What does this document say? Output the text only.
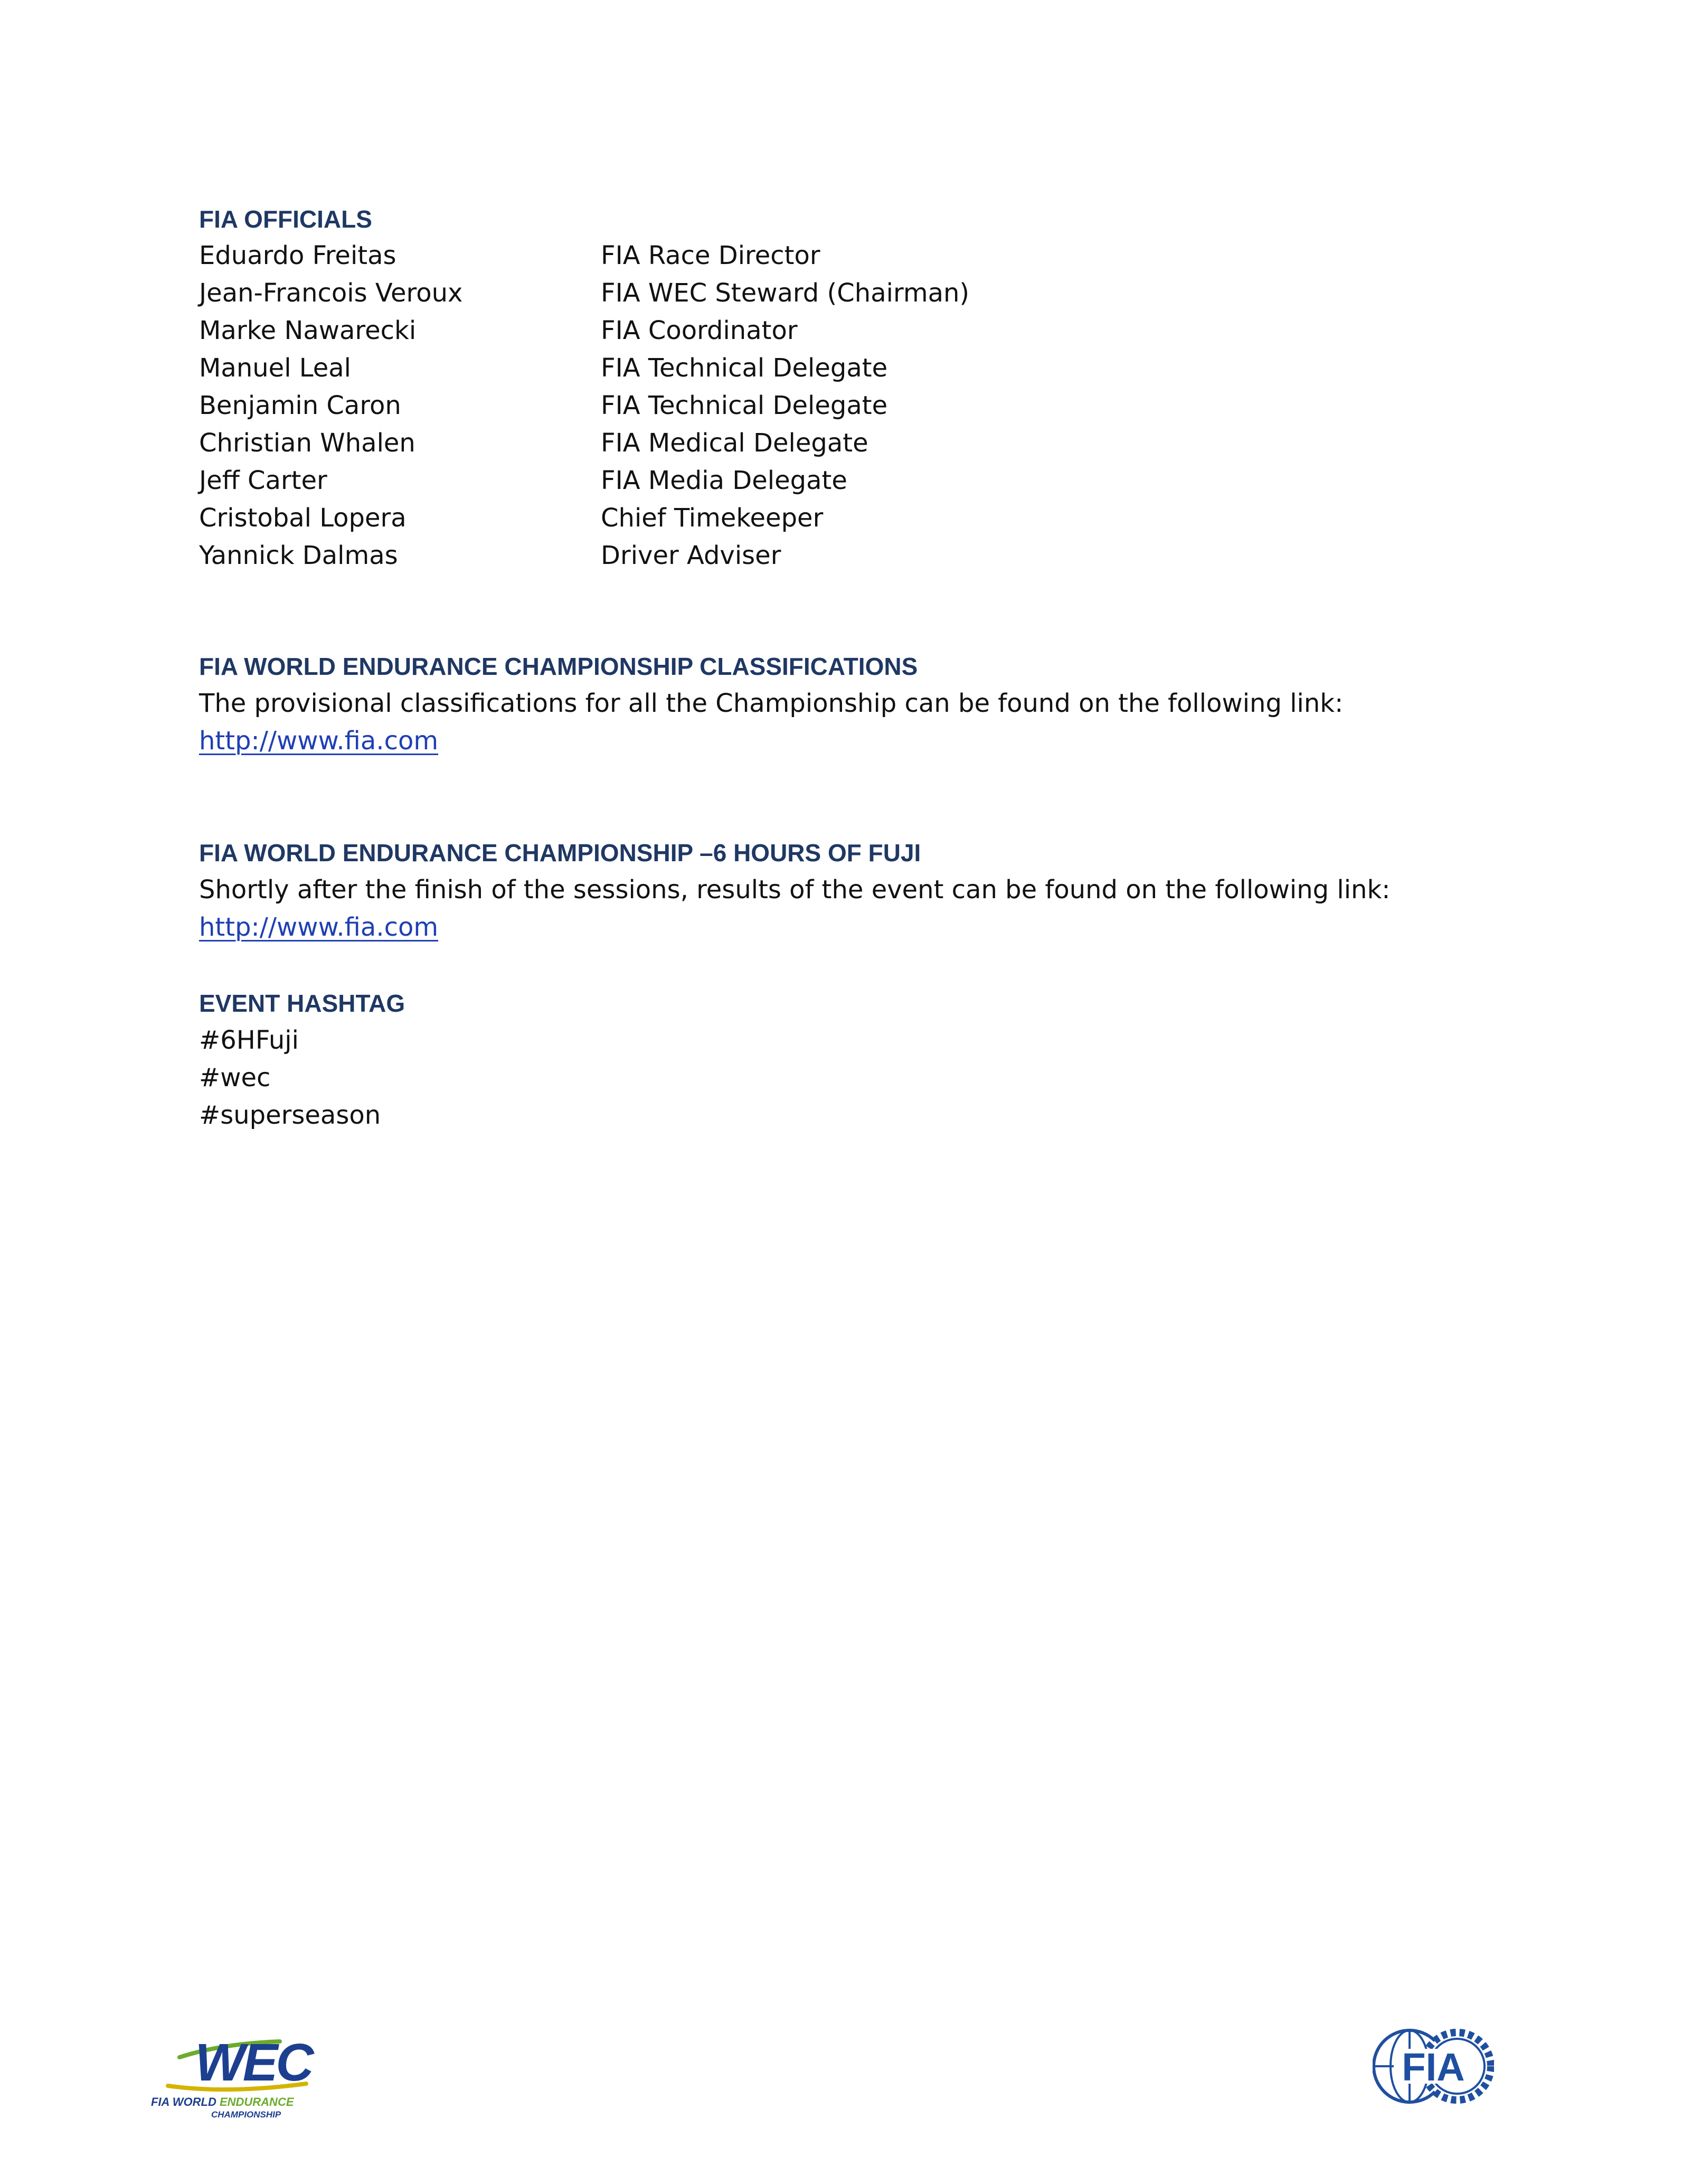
FIA OFFICIALS
Eduardo Freitas	FIA Race Director
Jean-Francois Veroux	FIA WEC Steward (Chairman)
Marke Nawarecki	FIA Coordinator
Manuel Leal	FIA Technical Delegate
Benjamin Caron	FIA Technical Delegate
Christian Whalen	FIA Medical Delegate
Jeff Carter	FIA Media Delegate
Cristobal Lopera	Chief Timekeeper
Yannick Dalmas	Driver Adviser
FIA WORLD ENDURANCE CHAMPIONSHIP CLASSIFICATIONS
The provisional classifications for all the Championship can be found on the following link:
http://www.fia.com
FIA WORLD ENDURANCE CHAMPIONSHIP –6 HOURS OF FUJI
Shortly after the finish of the sessions, results of the event can be found on the following link:
http://www.fia.com
EVENT HASHTAG
#6HFuji
#wec
#superseason
WEC
FIA WORLD ENDURANCE
CHAMPIONSHIP
FIA
